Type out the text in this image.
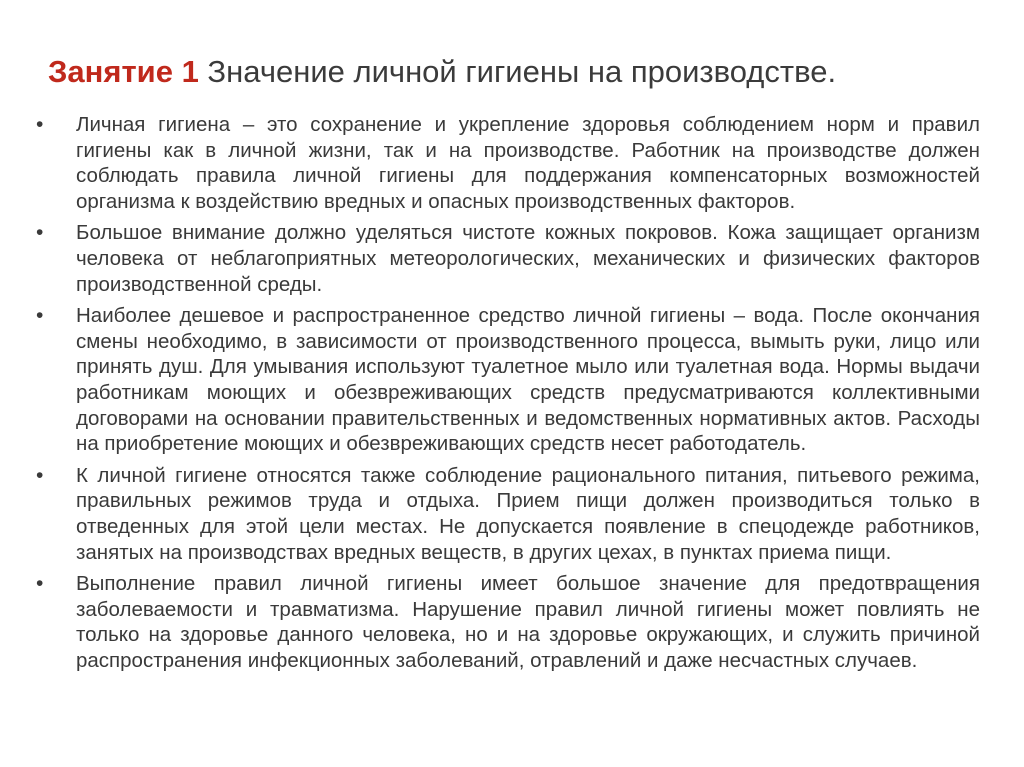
Занятие 1 Значение личной гигиены на производстве.
• Личная гигиена – это сохранение и укрепление здоровья соблюдением норм и правил гигиены как в личной жизни, так и на производстве. Работник на производстве должен соблюдать правила личной гигиены для поддержания компенсаторных возможностей организма к воздействию вредных и опасных производственных факторов.
• Большое внимание должно уделяться чистоте кожных покровов. Кожа защищает организм человека от неблагоприятных метеорологических, механических и физических факторов производственной среды.
• Наиболее дешевое и распространенное средство личной гигиены – вода. После окончания смены необходимо, в зависимости от производственного процесса, вымыть руки, лицо или принять душ. Для умывания используют туалетное мыло или туалетная вода. Нормы выдачи работникам моющих и обезвреживающих средств предусматриваются коллективными договорами на основании правительственных и ведомственных нормативных актов. Расходы на приобретение моющих и обезвреживающих средств несет работодатель.
• К личной гигиене относятся также соблюдение рационального питания, питьевого режима, правильных режимов труда и отдыха. Прием пищи должен производиться только в отведенных для этой цели местах. Не допускается появление в спецодежде работников, занятых на производствах вредных веществ, в других цехах, в пунктах приема пищи.
• Выполнение правил личной гигиены имеет большое значение для предотвращения заболеваемости и травматизма. Нарушение правил личной гигиены может повлиять не только на здоровье данного человека, но и на здоровье окружающих, и служить причиной распространения инфекционных заболеваний, отравлений и даже несчастных случаев.
